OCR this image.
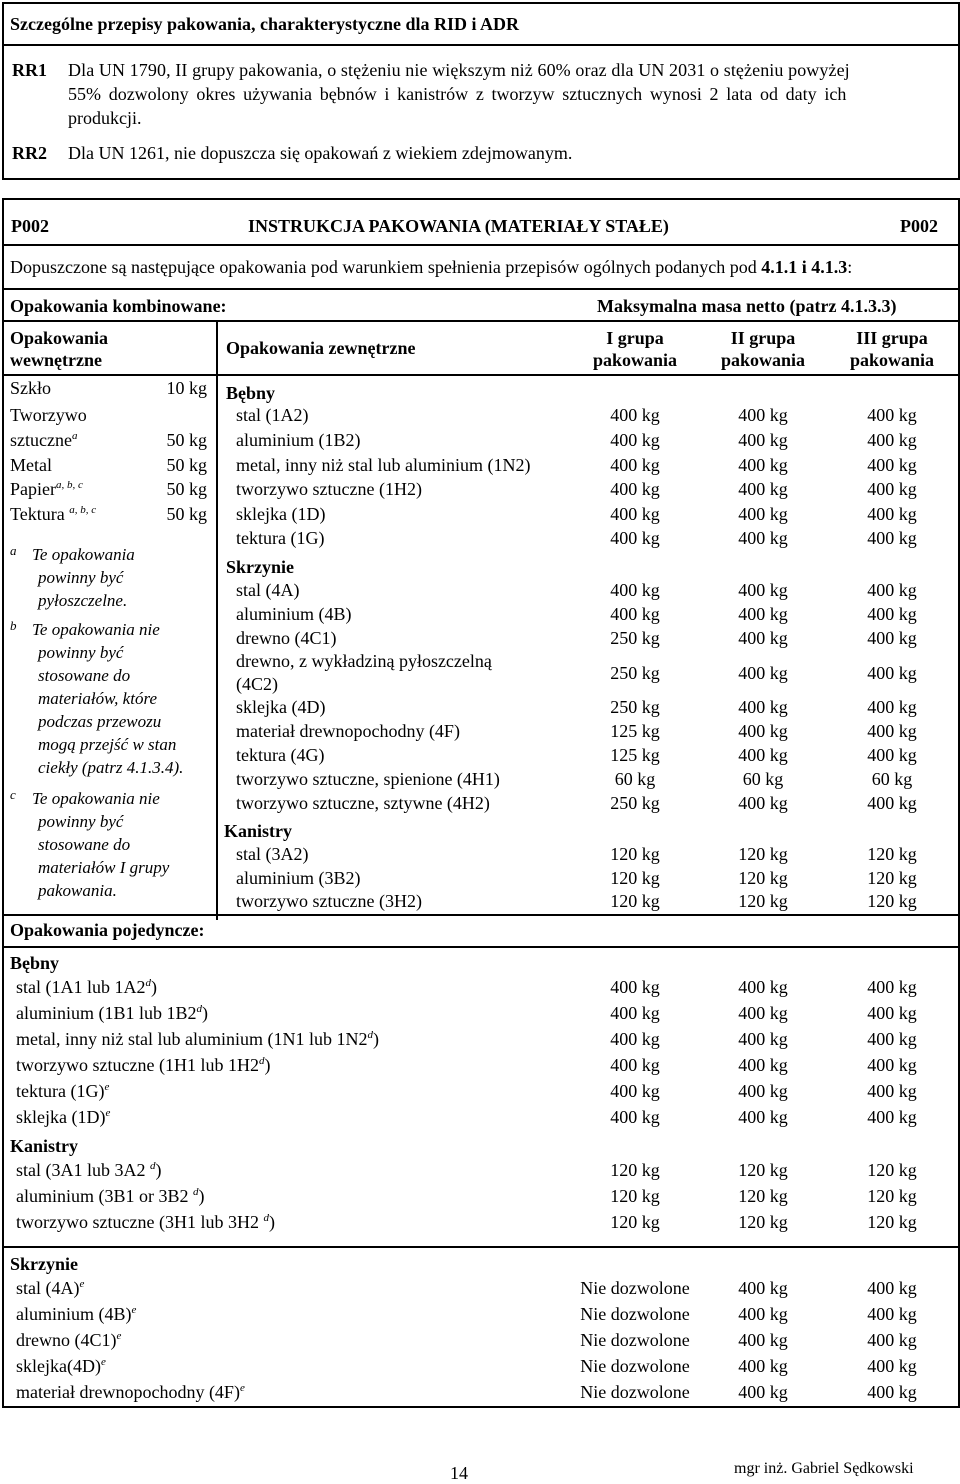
Szczególne przepisy pakowania, charakterystyczne dla RID i ADR
RR1 Dla UN 1790, II grupy pakowania, o stężeniu nie większym niż 60% oraz dla UN 2031 o stężeniu powyżej
55% dozwolony okres używania bębnów i kanistrów z tworzyw sztucznych wynosi 2 lata od daty ich
produkcji.
RR2 Dla UN 1261, nie dopuszcza się opakowań z wiekiem zdejmowanym.
P002	INSTRUKCJA PAKOWANIA (MATERIAŁY STAŁE)	P002
Dopuszczone są następujące opakowania pod warunkiem spełnienia przepisów ogólnych podanych pod 4.1.1 i 4.1.3:
Opakowania kombinowane:	Maksymalna masa netto (patrz 4.1.3.3)
Opakowania
wewnętrzne
Opakowania zewnętrzne	I grupa
pakowania
II grupa
pakowania
III grupa
pakowania
Szkło	10 kg
Tworzywo
sztuczne$^a$	50 kg
Metal	50 kg
Papier$^{a, b, c}$	50 kg
Tektura $^{a, b, c}$	50 kg
a Te opakowania
powinny być
pyłoszczelne.
b Te opakowania nie
powinny być
stosowane do
materiałów, które
podczas przewozu
mogą przejść w stan
ciekły (patrz 4.1.3.4).
c Te opakowania nie
powinny być
stosowane do
materiałów I grupy
pakowania.
Bębny
stal (1A2)	400 kg	400 kg	400 kg
aluminium (1B2)	400 kg	400 kg	400 kg
metal, inny niż stal lub aluminium (1N2)	400 kg	400 kg	400 kg
tworzywo sztuczne (1H2)	400 kg	400 kg	400 kg
sklejka (1D)	400 kg	400 kg	400 kg
tektura (1G)	400 kg	400 kg	400 kg
Skrzynie
stal (4A)	400 kg	400 kg	400 kg
aluminium (4B)	400 kg	400 kg	400 kg
drewno (4C1)	250 kg	400 kg	400 kg
drewno, z wykładziną pyłoszczelną
(4C2)
250 kg	400 kg	400 kg
sklejka (4D)	250 kg	400 kg	400 kg
materiał drewnopochodny (4F)	125 kg	400 kg	400 kg
tektura (4G)	125 kg	400 kg	400 kg
tworzywo sztuczne, spienione (4H1)	60 kg	60 kg	60 kg
tworzywo sztuczne, sztywne (4H2)	250 kg	400 kg	400 kg
Kanistry
stal (3A2)	120 kg	120 kg	120 kg
aluminium (3B2)	120 kg	120 kg	120 kg
tworzywo sztuczne (3H2)	120 kg	120 kg	120 kg
Opakowania pojedyncze:
Bębny
stal (1A1 lub 1A2$^d$)	400 kg	400 kg	400 kg
aluminium (1B1 lub 1B2$^d$)	400 kg	400 kg	400 kg
metal, inny niż stal lub aluminium (1N1 lub 1N2$^d$)	400 kg	400 kg	400 kg
tworzywo sztuczne (1H1 lub 1H2$^d$)	400 kg	400 kg	400 kg
tektura $(1G)^e$	400 kg	400 kg	400 kg
sklejka $(1D)^e$	400 kg	400 kg	400 kg
Kanistry
stal (3A1 lub 3A2 $^d$)	120 kg	120 kg	120 kg
aluminium (3B1 or 3B2 $^d$)	120 kg	120 kg	120 kg
tworzywo sztuczne (3H1 lub 3H2 $^d$)	120 kg	120 kg	120 kg
Skrzynie
stal $(4A)^e$	Nie dozwolone	400 kg	400 kg
aluminium $(4B)^e$	Nie dozwolone	400 kg	400 kg
drewno $(4C1)^e$	Nie dozwolone	400 kg	400 kg
$sklejka(4D)^e$	Nie dozwolone	400 kg	400 kg
materiał drewnopochodny $(4F)^e$	Nie dozwolone	400 kg	400 kg
14	mgr inż. Gabriel Sędkowski
